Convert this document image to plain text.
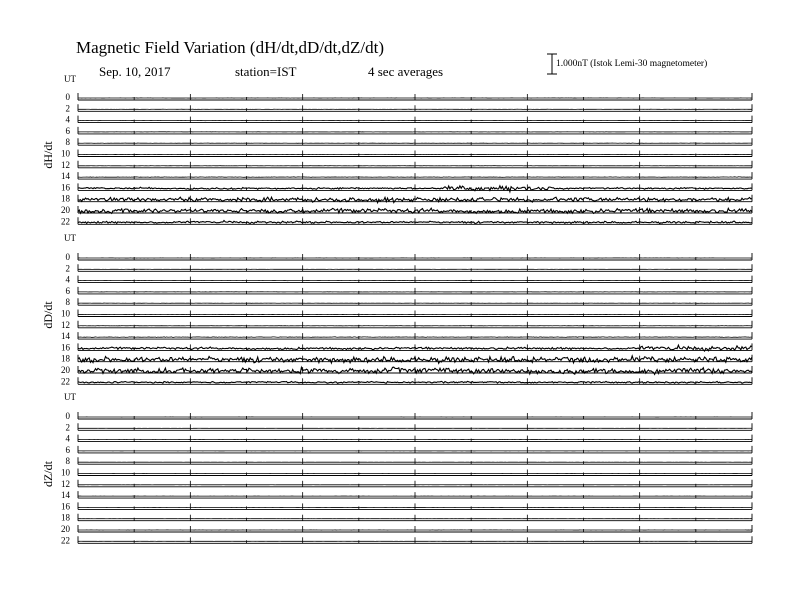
Magnetic Field Variation (dH/dt,dD/dt,dZ/dt)
Sep. 10, 2017	station=IST	4 sec averages	1.000nT (Istok Lemi-30 magnetometer)
UT
dH/dt
0
2
4
6
8
10
12
14
16
18
20
22
UT
dD/dt
0
2
4
6
8
10
12
14
16
18
20
22
UT
dZ/dt
0
2
4
6
8
10
12
14
16
18
20
22
